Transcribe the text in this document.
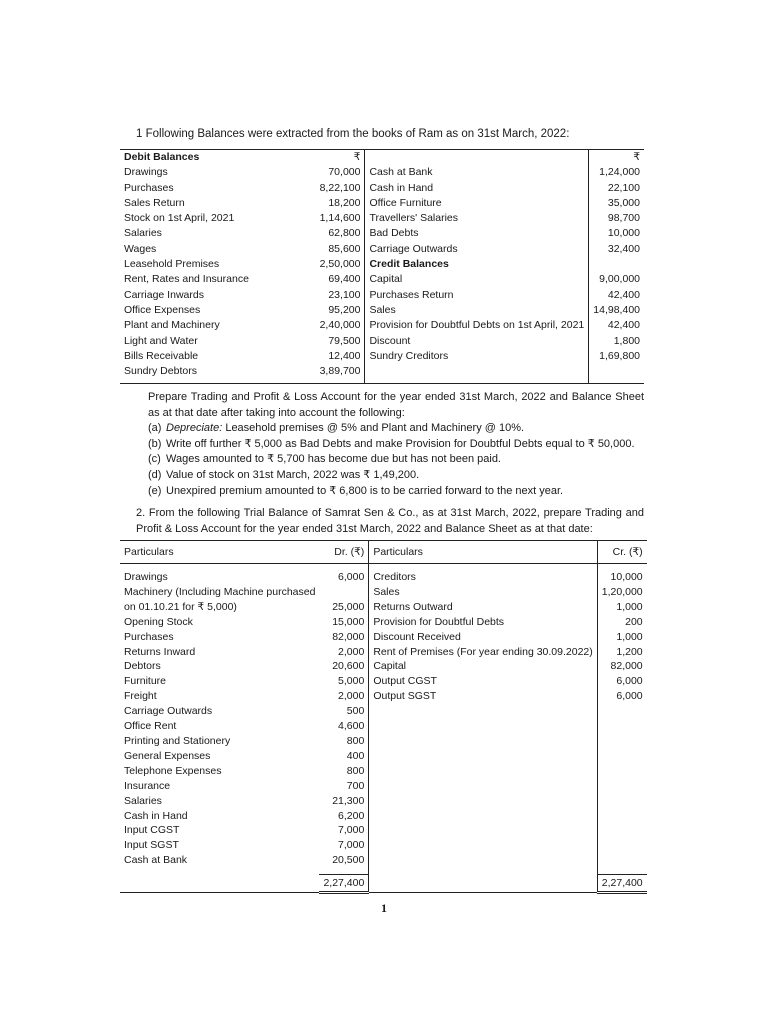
1 Following Balances were extracted from the books of Ram as on 31st March, 2022:
Debit Balances	₹		₹
Drawings	70,000	Cash at Bank	1,24,000
Purchases	8,22,100	Cash in Hand	22,100
Sales Return	18,200	Office Furniture	35,000
Stock on 1st April, 2021	1,14,600	Travellers' Salaries	98,700
Salaries	62,800	Bad Debts	10,000
Wages	85,600	Carriage Outwards	32,400
Leasehold Premises	2,50,000	Credit Balances	
Rent, Rates and Insurance	69,400	Capital	9,00,000
Carriage Inwards	23,100	Purchases Return	42,400
Office Expenses	95,200	Sales	14,98,400
Plant and Machinery	2,40,000	Provision for Doubtful Debts on 1st April, 2021	42,400
Light and Water	79,500	Discount	1,800
Bills Receivable	12,400	Sundry Creditors	1,69,800
Sundry Debtors	3,89,700		

Prepare Trading and Profit & Loss Account for the year ended 31st March, 2022 and Balance Sheet as at that date after taking into account the following:

(a) Depreciate: Leasehold premises @ 5% and Plant and Machinery @ 10%.
(b) Write off further ₹ 5,000 as Bad Debts and make Provision for Doubtful Debts equal to ₹ 50,000.
(c) Wages amounted to ₹ 5,700 has become due but has not been paid.
(d) Value of stock on 31st March, 2022 was ₹ 1,49,200.
(e) Unexpired premium amounted to ₹ 6,800 is to be carried forward to the next year.
2. From the following Trial Balance of Samrat Sen & Co., as at 31st March, 2022, prepare Trading and Profit & Loss Account for the year ended 31st March, 2022 and Balance Sheet as at that date:
Particulars	Dr. (₹)	Particulars	Cr. (₹)

Drawings	6,000	Creditors	10,000
Machinery (Including Machine purchased		Sales	1,20,000
on 01.10.21 for ₹ 5,000)	25,000	Returns Outward	1,000
Opening Stock	15,000	Provision for Doubtful Debts	200
Purchases	82,000	Discount Received	1,000
Returns Inward	2,000	Rent of Premises (For year ending 30.09.2022)	1,200
Debtors	20,600	Capital	82,000
Furniture	5,000	Output CGST	6,000
Freight	2,000	Output SGST	6,000
Carriage Outwards	500		
Office Rent	4,600		
Printing and Stationery	800		
General Expenses	400		
Telephone Expenses	800		
Insurance	700		
Salaries	21,300		
Cash in Hand	6,200		
Input CGST	7,000		
Input SGST	7,000		
Cash at Bank	20,500		

	2,27,400		2,27,400
1
